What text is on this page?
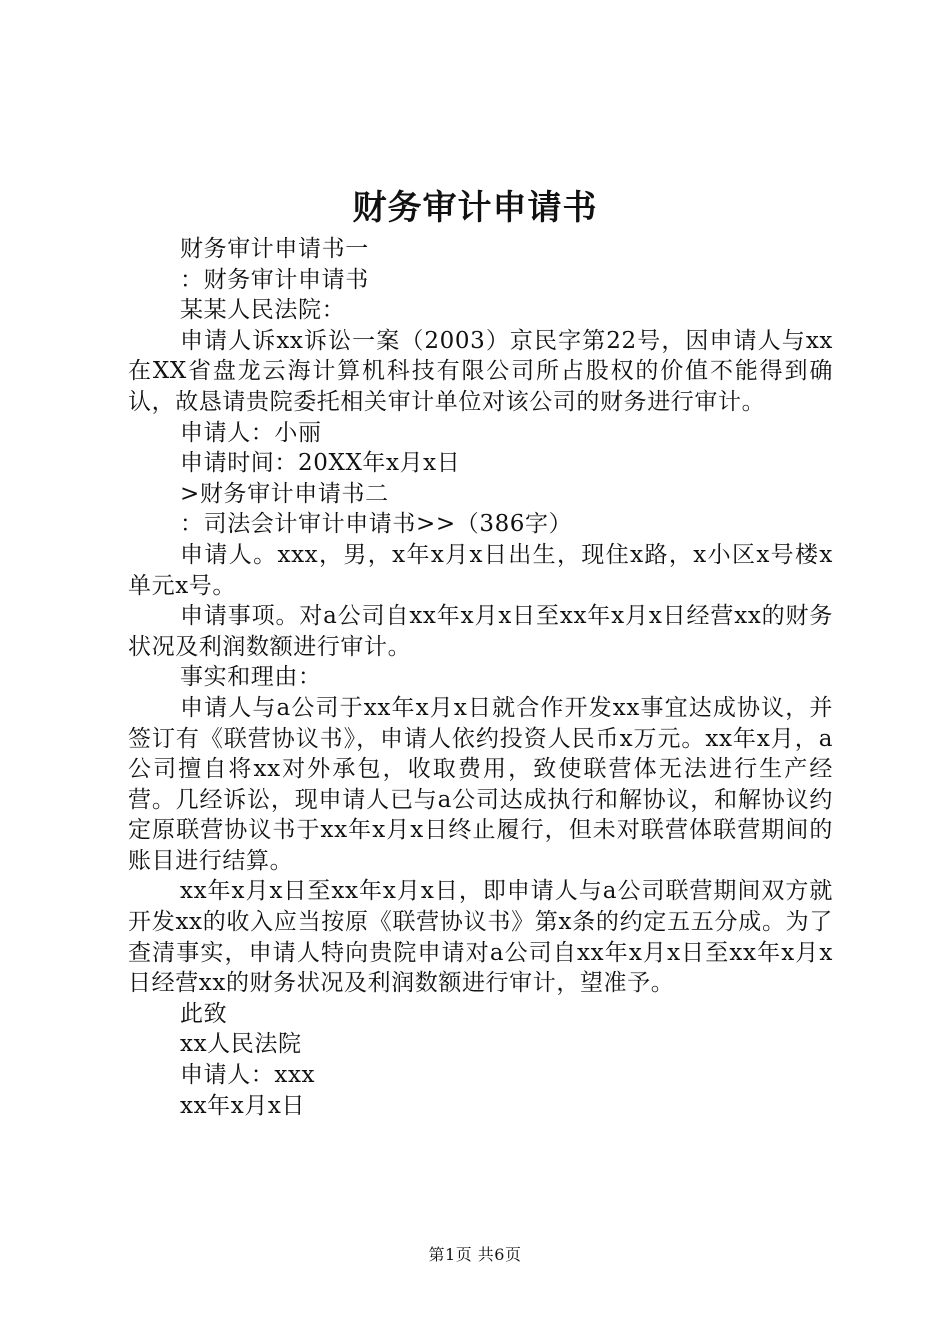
财务审计申请书

财务审计申请书一

：财务审计申请书

某某人民法院：

申请人诉xx诉讼一案（2003）京民字第22号，因申请人与xx在XX省盘龙云海计算机科技有限公司所占股权的价值不能得到确认，故恳请贵院委托相关审计单位对该公司的财务进行审计。

申请人：小丽

申请时间：20XX年x月x日

>财务审计申请书二

：司法会计审计申请书>>（386字）

申请人。xxx，男，x年x月x日出生，现住x路，x小区x号楼x单元x号。

申请事项。对a公司自xx年x月x日至xx年x月x日经营xx的财务状况及利润数额进行审计。

事实和理由：

申请人与a公司于xx年x月x日就合作开发xx事宜达成协议，并签订有《联营协议书》，申请人依约投资人民币x万元。xx年x月，a公司擅自将xx对外承包，收取费用，致使联营体无法进行生产经营。几经诉讼，现申请人已与a公司达成执行和解协议，和解协议约定原联营协议书于xx年x月x日终止履行，但未对联营体联营期间的账目进行结算。

xx年x月x日至xx年x月x日，即申请人与a公司联营期间双方就开发xx的收入应当按原《联营协议书》第x条的约定五五分成。为了查清事实，申请人特向贵院申请对a公司自xx年x月x日至xx年x月x日经营xx的财务状况及利润数额进行审计，望准予。

此致

xx人民法院

申请人：xxx

xx年x月x日

第1页 共6页
